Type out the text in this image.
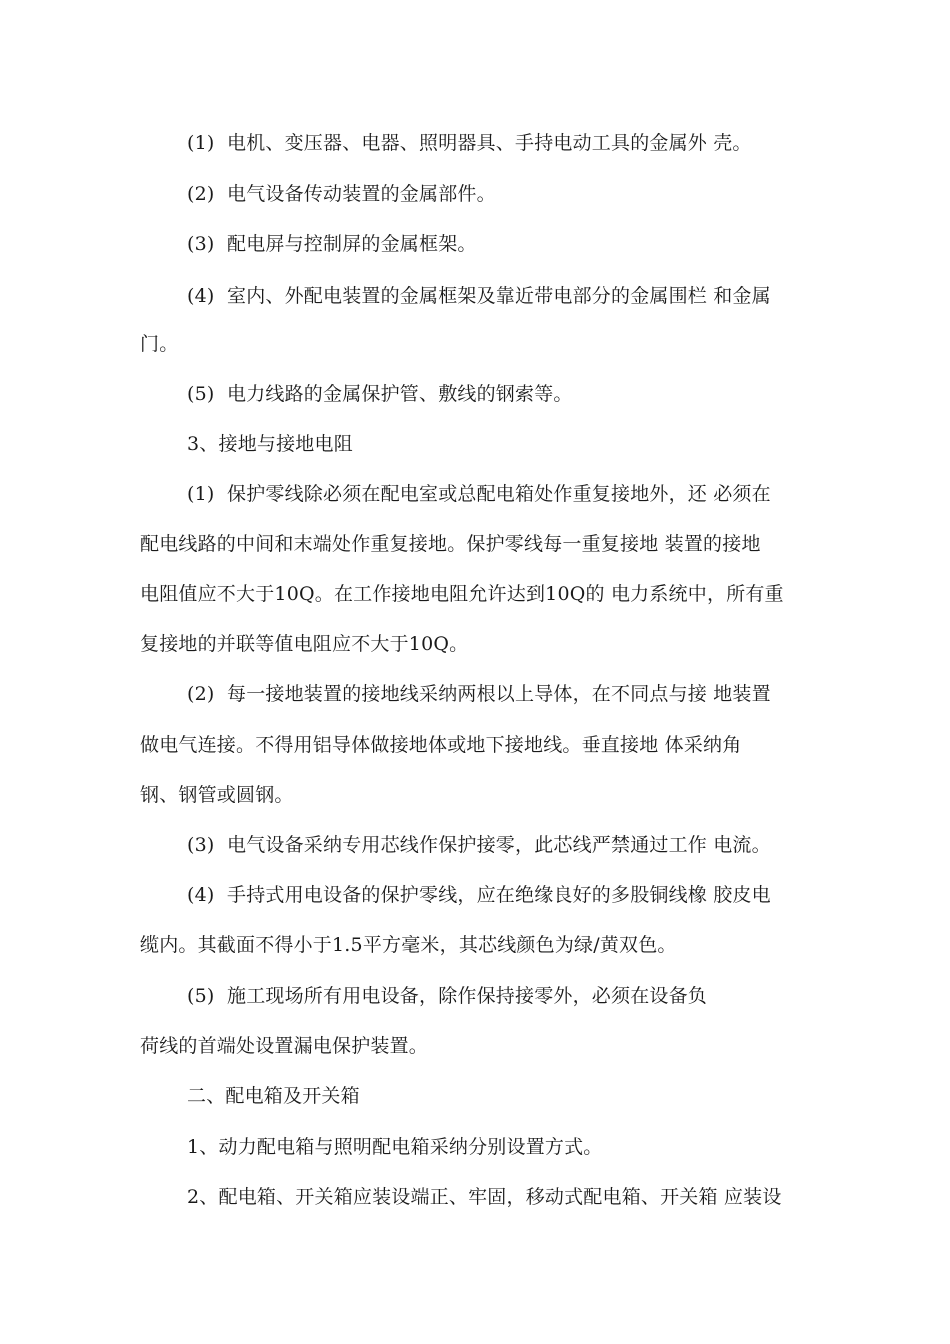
(1)  电机、变压器、电器、照明器具、手持电动工具的金属外 壳。
(2)  电气设备传动装置的金属部件。
(3)  配电屏与控制屏的金属框架。
(4)  室内、外配电装置的金属框架及靠近带电部分的金属围栏 和金属
门。
(5)  电力线路的金属保护管、敷线的钢索等。
3、接地与接地电阻
(1)  保护零线除必须在配电室或总配电箱处作重复接地外，还 必须在
配电线路的中间和末端处作重复接地。保护零线每一重复接地 装置的接地
电阻值应不大于10Q。在工作接地电阻允许达到10Q的 电力系统中，所有重
复接地的并联等值电阻应不大于10Q。
(2)  每一接地装置的接地线采纳两根以上导体，在不同点与接 地装置
做电气连接。不得用铝导体做接地体或地下接地线。垂直接地 体采纳角
钢、钢管或圆钢。
(3)  电气设备采纳专用芯线作保护接零，此芯线严禁通过工作 电流。
(4)  手持式用电设备的保护零线，应在绝缘良好的多股铜线橡 胶皮电
缆内。其截面不得小于1.5平方毫米，其芯线颜色为绿/黄双色。
(5)  施工现场所有用电设备，除作保持接零外，必须在设备负
荷线的首端处设置漏电保护装置。
二、配电箱及开关箱
1、动力配电箱与照明配电箱采纳分别设置方式。
2、配电箱、开关箱应装设端正、牢固，移动式配电箱、开关箱 应装设
